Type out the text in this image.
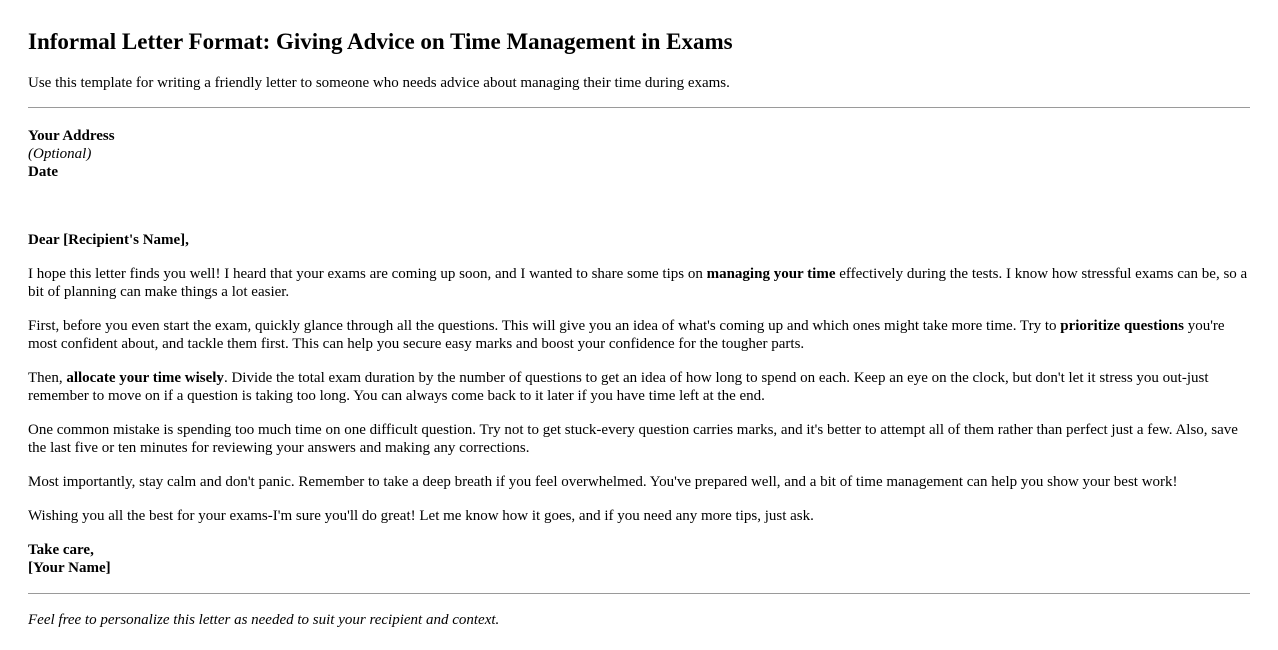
Informal Letter Format: Giving Advice on Time Management in Exams

Use this template for writing a friendly letter to someone who needs advice about managing their time during exams.

Your Address
(Optional)
Date

Dear [Recipient's Name],

I hope this letter finds you well! I heard that your exams are coming up soon, and I wanted to share some tips on managing your time effectively during the tests. I know how stressful exams can be, so a bit of planning can make things a lot easier.

First, before you even start the exam, quickly glance through all the questions. This will give you an idea of what's coming up and which ones might take more time. Try to prioritize questions you're most confident about, and tackle them first. This can help you secure easy marks and boost your confidence for the tougher parts.

Then, allocate your time wisely. Divide the total exam duration by the number of questions to get an idea of how long to spend on each. Keep an eye on the clock, but don't let it stress you out-just remember to move on if a question is taking too long. You can always come back to it later if you have time left at the end.

One common mistake is spending too much time on one difficult question. Try not to get stuck-every question carries marks, and it's better to attempt all of them rather than perfect just a few. Also, save the last five or ten minutes for reviewing your answers and making any corrections.

Most importantly, stay calm and don't panic. Remember to take a deep breath if you feel overwhelmed. You've prepared well, and a bit of time management can help you show your best work!

Wishing you all the best for your exams-I'm sure you'll do great! Let me know how it goes, and if you need any more tips, just ask.

Take care,
[Your Name]

Feel free to personalize this letter as needed to suit your recipient and context.
